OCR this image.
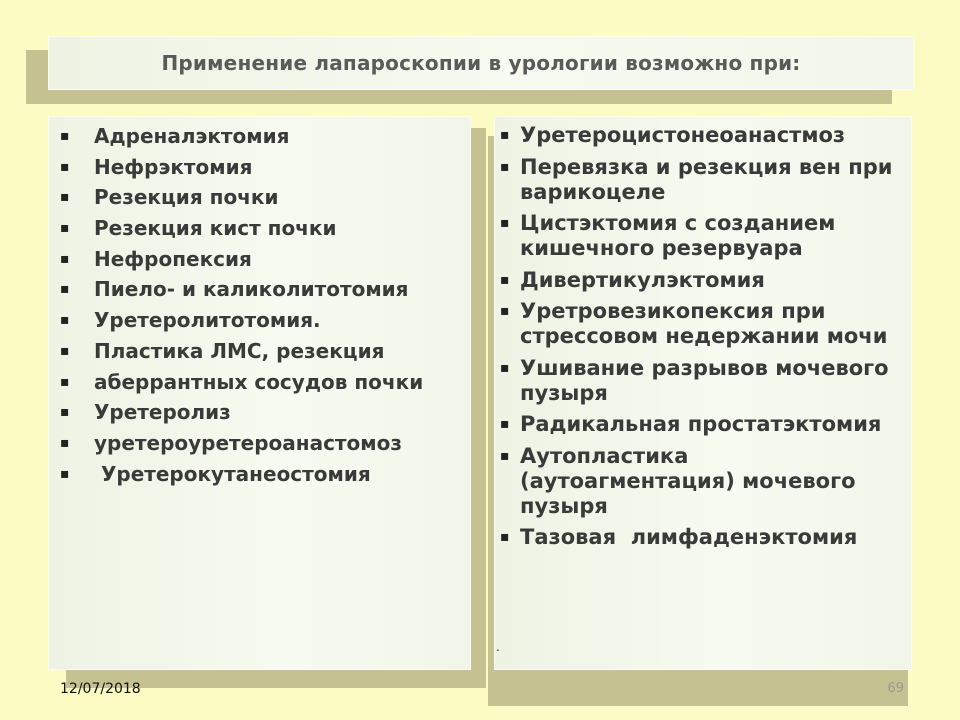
Применение лапароскопии в урологии возможно при:
▪ Адреналэктомия
▪ Нефрэктомия
▪ Резекция почки
▪ Резекция кист почки
▪ Нефропексия
▪ Пиело- и каликолитотомия
▪ Уретеролитотомия.
▪ Пластика ЛМС, резекция
▪ аберрантных сосудов почки
▪ Уретеролиз
▪ уретероуретероанастомоз
▪ Уретерокутанеостомия
▪ Уретероцистонеоанастмоз
▪ Перевязка и резекция вен при варикоцеле
▪ Цистэктомия с созданием кишечного резервуара
▪ Дивертикулэктомия
▪ Уретровезикопексия при стрессовом недержании мочи
▪ Ушивание разрывов мочевого пузыря
▪ Радикальная простатэктомия
▪ Аутопластика (аутоагментация) мочевого пузыря
▪ Тазовая  лимфаденэктомия
.
12/07/2018	69
